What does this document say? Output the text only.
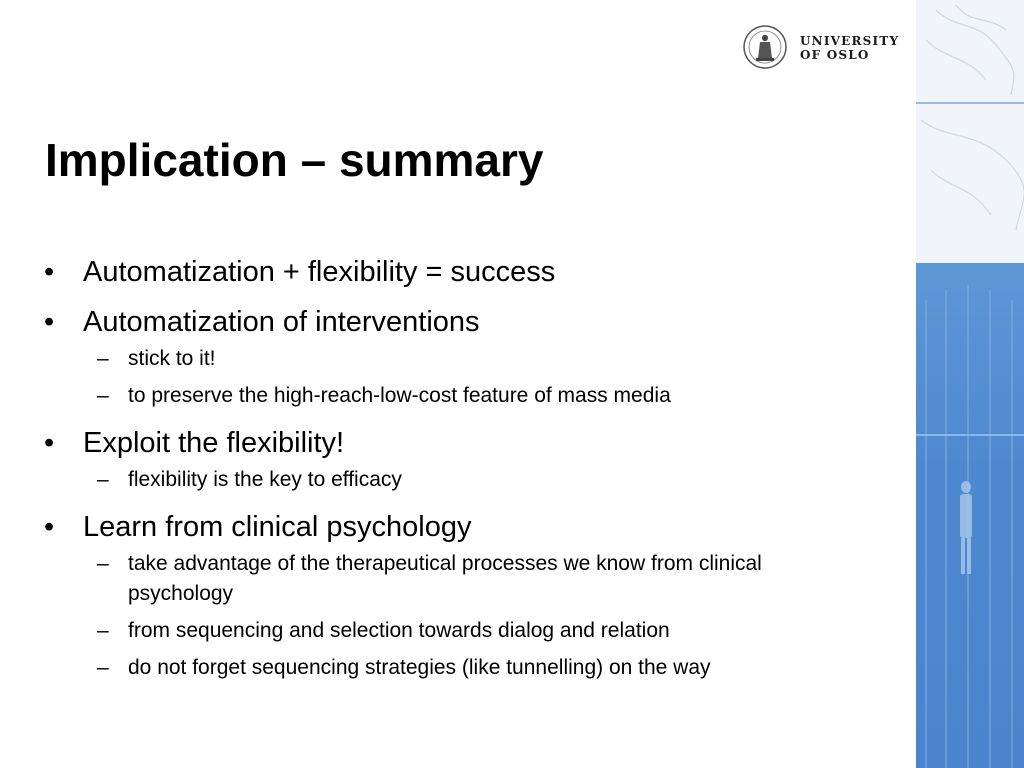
UNIVERSITY
OF OSLO
Implication – summary
• Automatization + flexibility = success
• Automatization of interventions
– stick to it!
– to preserve the high-reach-low-cost feature of mass media
• Exploit the flexibility!
– flexibility is the key to efficacy
• Learn from clinical psychology
– take advantage of the therapeutical processes we know from clinical psychology
– from sequencing and selection towards dialog and relation
– do not forget sequencing strategies (like tunnelling) on the way
